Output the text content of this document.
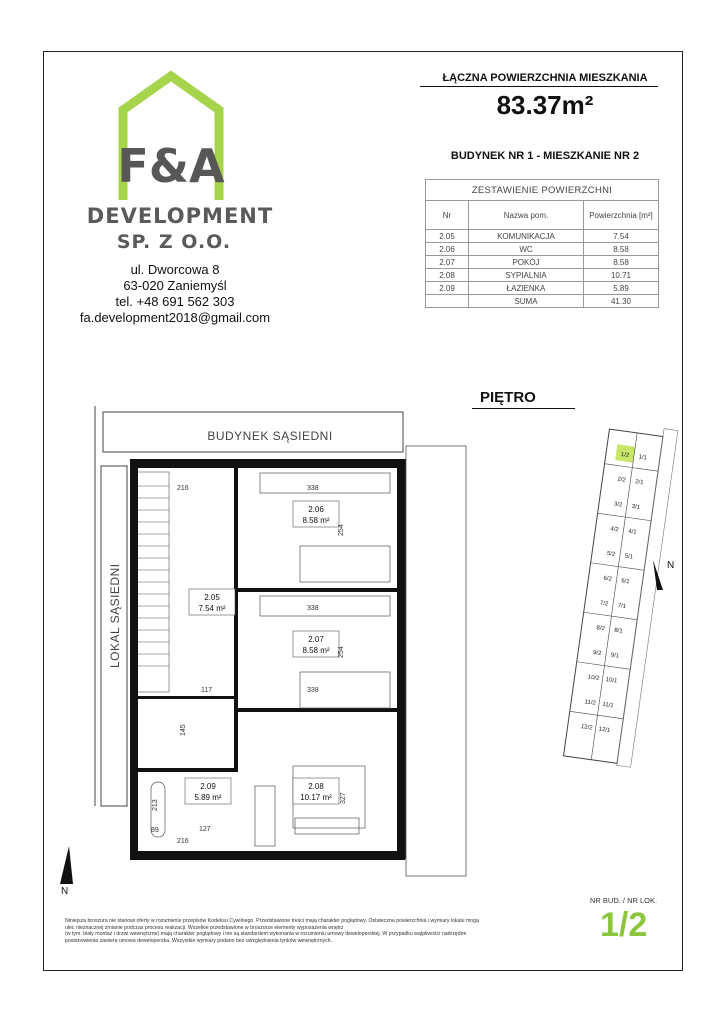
F&A
DEVELOPMENT
SP. Z O.O.
ul. Dworcowa 8
63-020 Zaniemyśl
tel. +48 691 562 303
fa.development2018@gmail.com
ŁĄCZNA POWIERZCHNIA MIESZKANIA
83.37m²
BUDYNEK NR 1 - MIESZKANIE NR 2
ZESTAWIENIE POWIERZCHNI		
Nr	Nazwa pom.	Powierzchnia [m²]
2.05	KOMUNIKACJA	7.54
2.06	WC	8.58
2.07	POKÓJ	8.58
2.08	SYPIALNIA	10.71
2.09	ŁAZIENKA	5.89
	SUMA	41.30
PIĘTRO
BUDYNEK SĄSIEDNI
LOKAL SĄSIEDNI
2.06
8.58 m²
2.05
7.54 m²
2.07
8.58 m²
2.09
5.89 m²
2.08
10.17 m²
216	338
338
338
117
127
216
327
213
89
145
254
254
N
1/2 1/1
2/2 2/1
3/2 3/1
4/2 4/1
5/2 5/1
6/2 6/1
7/2 7/1
8/2 8/1
9/2 9/1
10/2 10/1
11/2 11/1
12/2 12/1
N

Niniejsza broszura nie stanowi oferty w rozumieniu przepisów Kodeksu Cywilnego. Przedstawione treści mają charakter poglądowy. Ostateczna powierzchnia i wymiary lokalu mogą

ulec nieznacznej zmianie podczas procesu realizacji. Wszelkie przedstawione w broszurze elementy wyposażenia wnętrz

(w tym: biały montaż i drzwi wewnętrzne) mają charakter poglądowy i nie są standardem wykonania w rozumieniu umowy deweloperskiej. W przypadku wątpliwości nadrzędne

postanowienia zawiera umowa deweloperska. Wszystkie wymiary podano bez uwzględnienia tynków wewnętrznych.

NR BUD. / NR LOK.
1/2
